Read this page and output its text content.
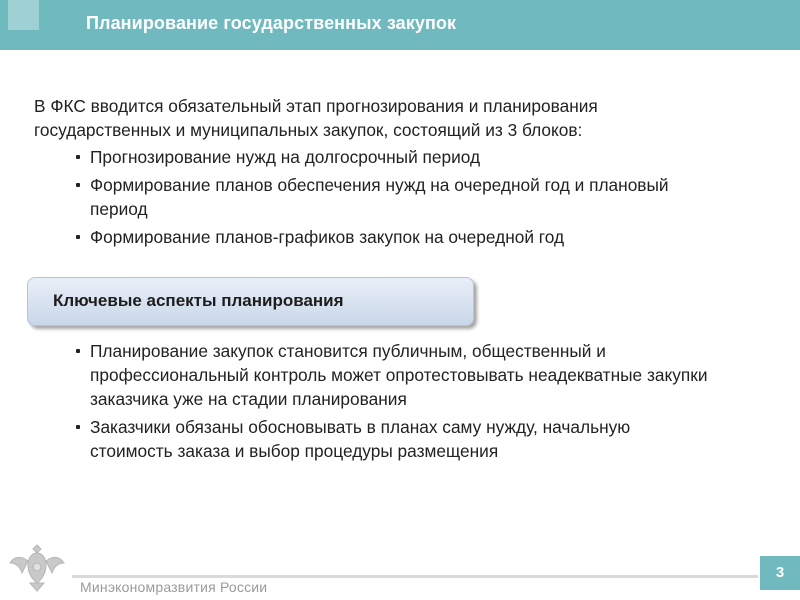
Планирование государственных закупок
В ФКС вводится обязательный этап прогнозирования и планирования
государственных и муниципальных закупок, состоящий из 3 блоков:
Прогнозирование нужд на долгосрочный период
Формирование планов обеспечения нужд на очередной год и плановый период
Формирование планов-графиков закупок на очередной год
Ключевые аспекты планирования
Планирование закупок становится публичным, общественный и профессиональный контроль может опротестовывать неадекватные закупки заказчика уже на стадии планирования
Заказчики обязаны обосновывать в планах саму нужду, начальную стоимость заказа и выбор процедуры размещения
Минэкономразвития России
3
